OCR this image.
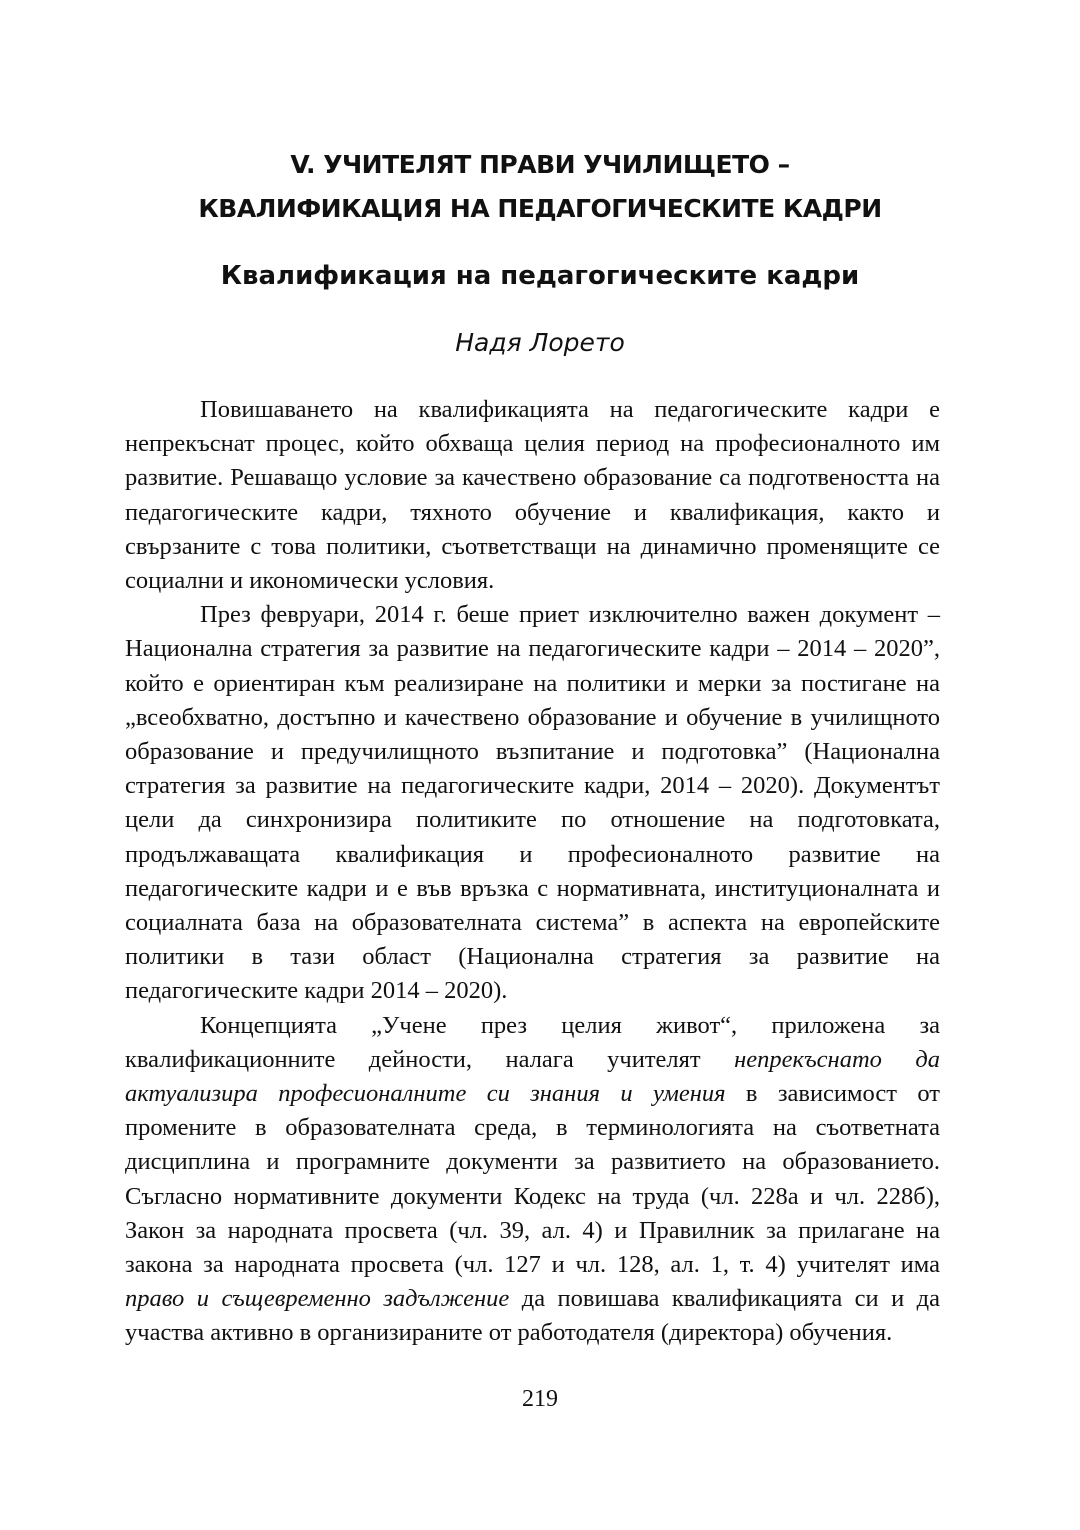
V. УЧИТЕЛЯТ ПРАВИ УЧИЛИЩЕТО –
КВАЛИФИКАЦИЯ НА ПЕДАГОГИЧЕСКИТЕ КАДРИ
Квалификация на педагогическите кадри
Надя Лорето

Повишаването на квалификацията на педагогическите кадри е непрекъснат процес, който обхваща целия период на професионалното им развитие. Решаващо условие за качествено образование са подготвеността на педагогическите кадри, тяхното обучение и квалификация, както и свързаните с това политики, съответстващи на динамично променящите се социални и икономически условия.

През февруари, 2014 г. беше приет изключително важен документ – Национална стратегия за развитие на педагогическите кадри – 2014 – 2020”, който е ориентиран към реализиране на политики и мерки за постигане на „всеобхватно, достъпно и качествено образование и обучение в училищното образование и предучилищното възпитание и подготовка” (Национална стратегия за развитие на педагогическите кадри, 2014 – 2020). Документът цели да синхронизира политиките по отношение на подготовката, продължаващата квалификация и професионалното развитие на педагогическите кадри и е във връзка с нормативната, институционалната и социалната база на образователната система” в аспекта на европейските политики в тази област (Национална стратегия за развитие на педагогическите кадри 2014 – 2020).

Концепцията „Учене през целия живот“, приложена за квалификационните дейности, налага учителят непрекъснато да актуализира професионалните си знания и умения в зависимост от промените в образователната среда, в терминологията на съответната дисциплина и програмните документи за развитието на образованието. Съгласно нормативните документи Кодекс на труда (чл. 228а и чл. 228б), Закон за народната просвета (чл. 39, ал. 4) и Правилник за прилагане на закона за народната просвета (чл. 127 и чл. 128, ал. 1, т. 4) учителят има право и същевременно задължение да повишава квалификацията си и да участва активно в организираните от работодателя (директора) обучения.

219
